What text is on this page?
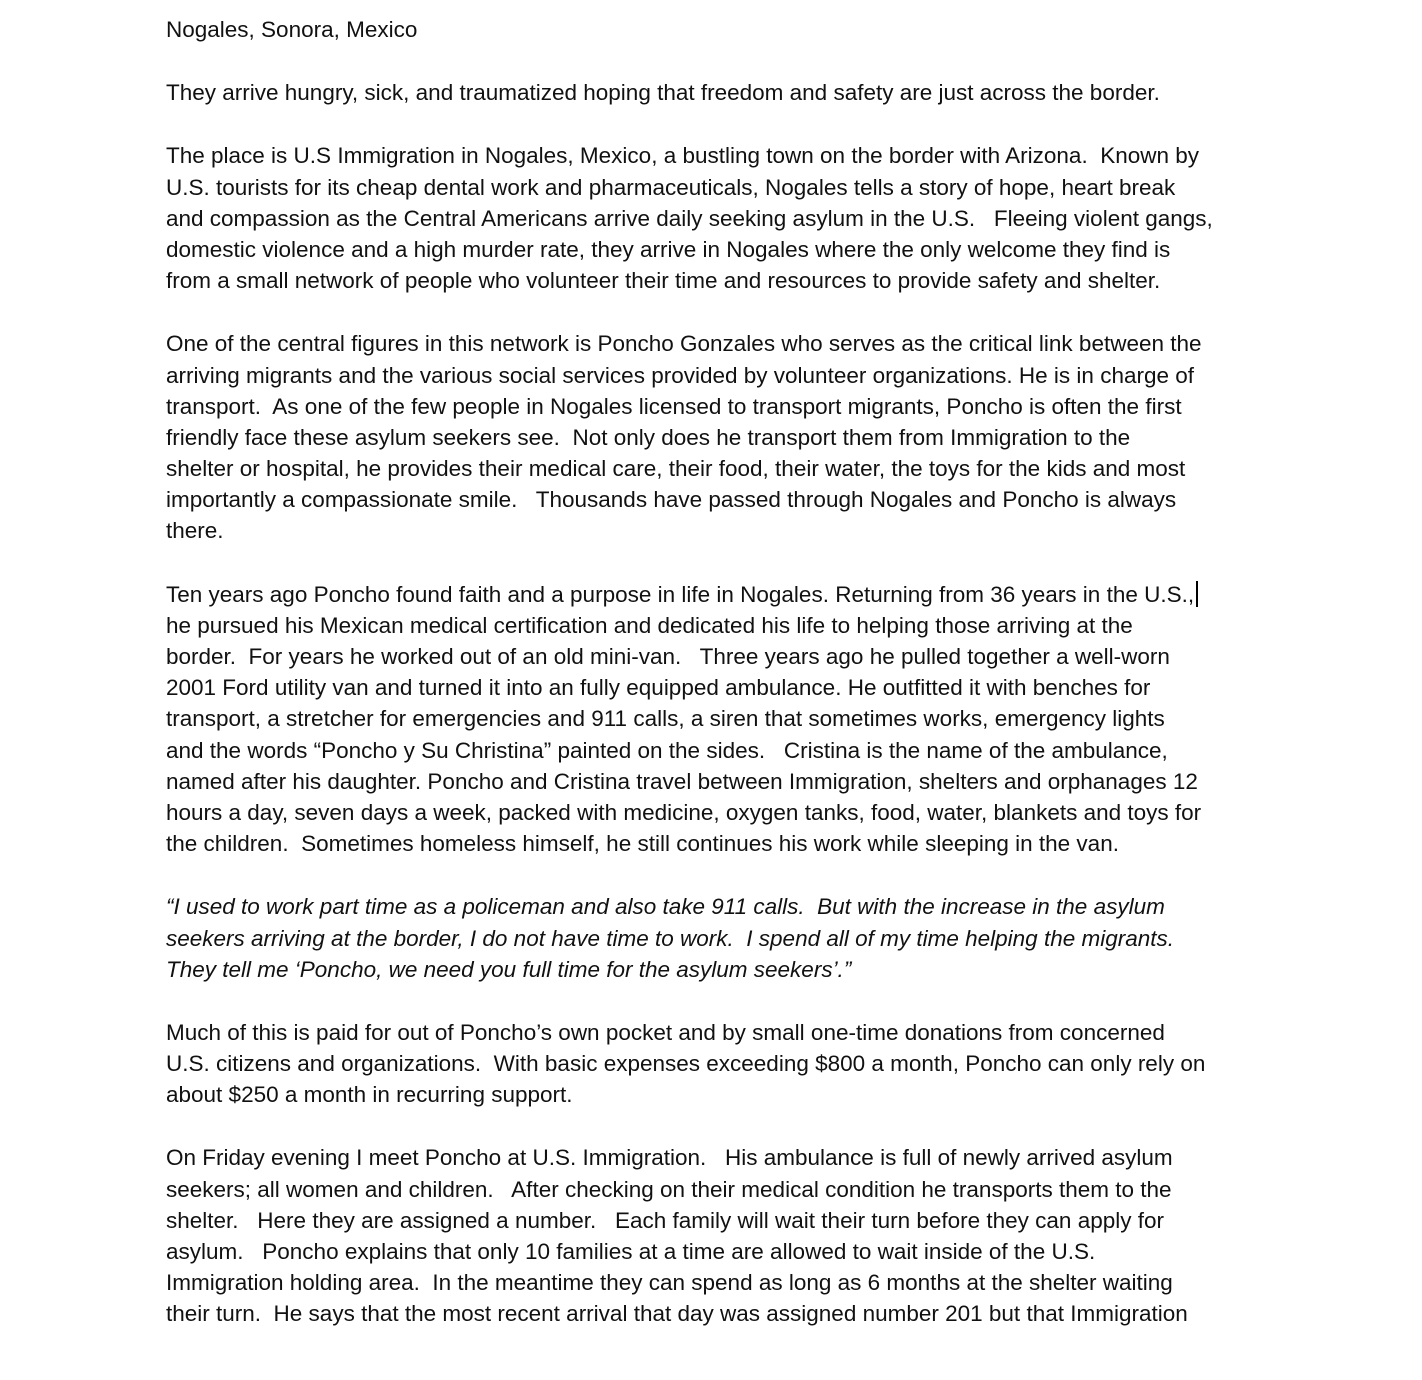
Nogales, Sonora, Mexico
They arrive hungry, sick, and traumatized hoping that freedom and safety are just across the border.
The place is U.S Immigration in Nogales, Mexico, a bustling town on the border with Arizona.  Known by
U.S. tourists for its cheap dental work and pharmaceuticals, Nogales tells a story of hope, heart break
and compassion as the Central Americans arrive daily seeking asylum in the U.S.   Fleeing violent gangs,
domestic violence and a high murder rate, they arrive in Nogales where the only welcome they find is
from a small network of people who volunteer their time and resources to provide safety and shelter.
One of the central figures in this network is Poncho Gonzales who serves as the critical link between the
arriving migrants and the various social services provided by volunteer organizations. He is in charge of
transport.  As one of the few people in Nogales licensed to transport migrants, Poncho is often the first
friendly face these asylum seekers see.  Not only does he transport them from Immigration to the
shelter or hospital, he provides their medical care, their food, their water, the toys for the kids and most
importantly a compassionate smile.   Thousands have passed through Nogales and Poncho is always
there.
Ten years ago Poncho found faith and a purpose in life in Nogales. Returning from 36 years in the U.S.,
he pursued his Mexican medical certification and dedicated his life to helping those arriving at the
border.  For years he worked out of an old mini-van.   Three years ago he pulled together a well-worn
2001 Ford utility van and turned it into an fully equipped ambulance. He outfitted it with benches for
transport, a stretcher for emergencies and 911 calls, a siren that sometimes works, emergency lights
and the words “Poncho y Su Christina” painted on the sides.   Cristina is the name of the ambulance,
named after his daughter. Poncho and Cristina travel between Immigration, shelters and orphanages 12
hours a day, seven days a week, packed with medicine, oxygen tanks, food, water, blankets and toys for
the children.  Sometimes homeless himself, he still continues his work while sleeping in the van.
“I used to work part time as a policeman and also take 911 calls.  But with the increase in the asylum
seekers arriving at the border, I do not have time to work.  I spend all of my time helping the migrants.
They tell me ‘Poncho, we need you full time for the asylum seekers’.”
Much of this is paid for out of Poncho’s own pocket and by small one-time donations from concerned
U.S. citizens and organizations.  With basic expenses exceeding $800 a month, Poncho can only rely on
about $250 a month in recurring support.
On Friday evening I meet Poncho at U.S. Immigration.   His ambulance is full of newly arrived asylum
seekers; all women and children.   After checking on their medical condition he transports them to the
shelter.   Here they are assigned a number.   Each family will wait their turn before they can apply for
asylum.   Poncho explains that only 10 families at a time are allowed to wait inside of the U.S.
Immigration holding area.  In the meantime they can spend as long as 6 months at the shelter waiting
their turn.  He says that the most recent arrival that day was assigned number 201 but that Immigration
